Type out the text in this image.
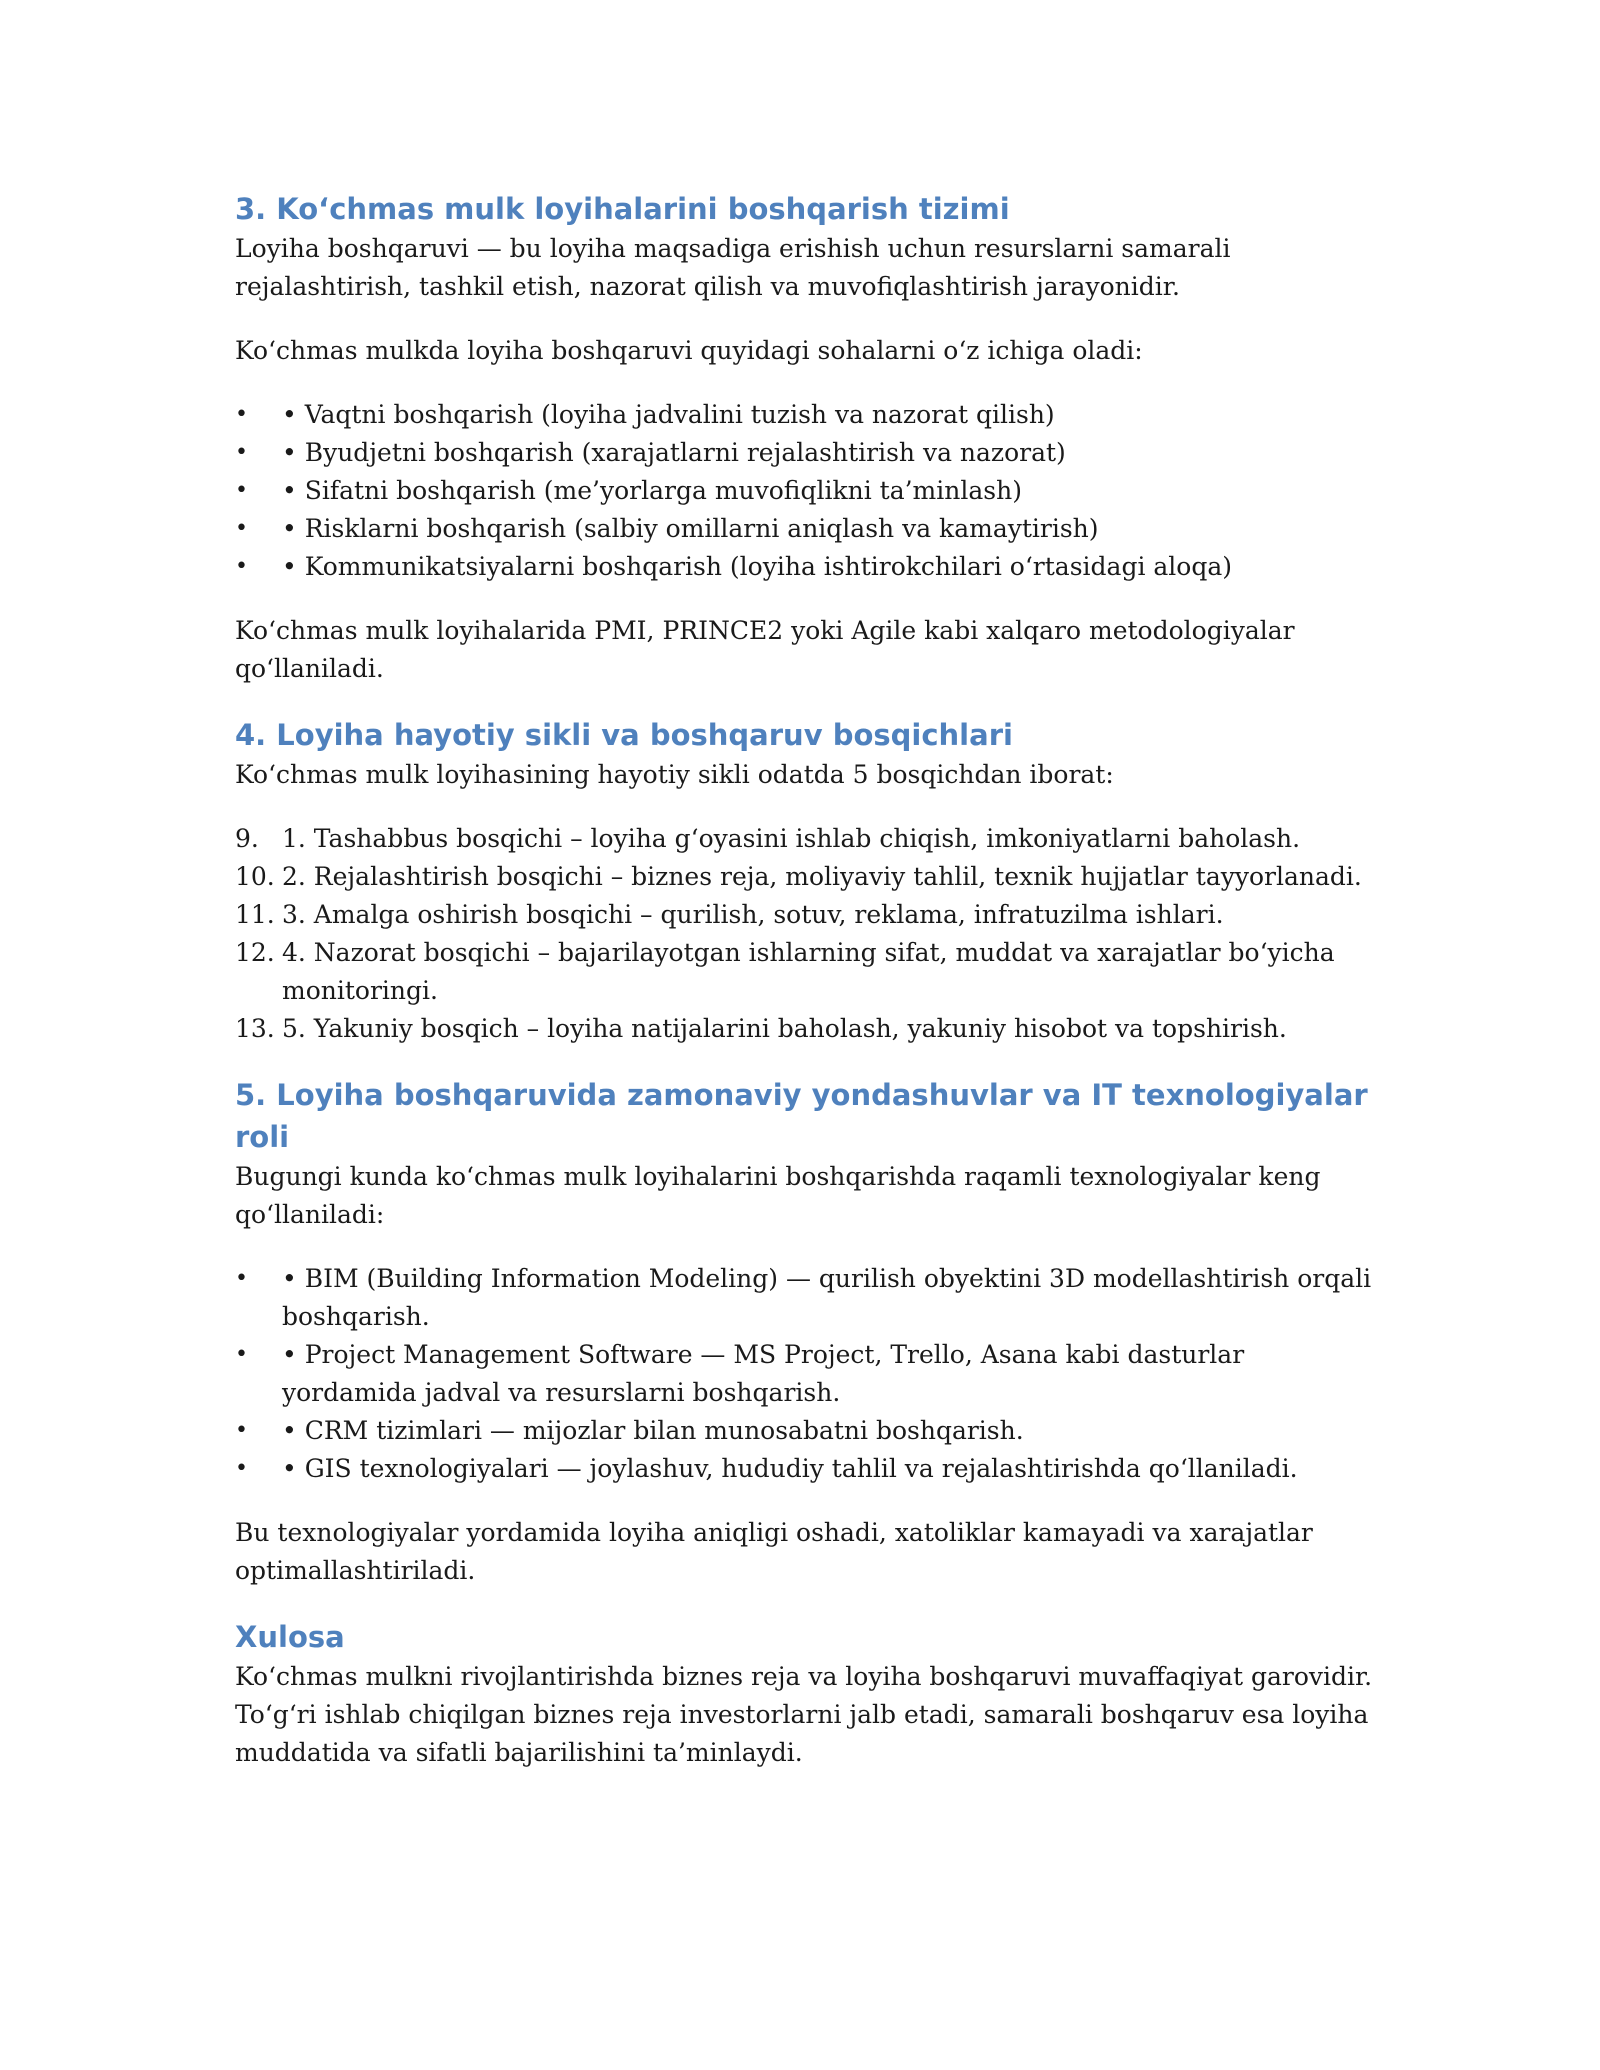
3. Ko‘chmas mulk loyihalarini boshqarish tizimi

Loyiha boshqaruvi — bu loyiha maqsadiga erishish uchun resurslarni samarali rejalashtirish, tashkil etish, nazorat qilish va muvofiqlashtirish jarayonidir.

Ko‘chmas mulkda loyiha boshqaruvi quyidagi sohalarni o‘z ichiga oladi:

• • Vaqtni boshqarish (loyiha jadvalini tuzish va nazorat qilish)
• • Byudjetni boshqarish (xarajatlarni rejalashtirish va nazorat)
• • Sifatni boshqarish (me’yorlarga muvofiqlikni ta’minlash)
• • Risklarni boshqarish (salbiy omillarni aniqlash va kamaytirish)
• • Kommunikatsiyalarni boshqarish (loyiha ishtirokchilari o‘rtasidagi aloqa)

Ko‘chmas mulk loyihalarida PMI, PRINCE2 yoki Agile kabi xalqaro metodologiyalar qo‘llaniladi.

4. Loyiha hayotiy sikli va boshqaruv bosqichlari

Ko‘chmas mulk loyihasining hayotiy sikli odatda 5 bosqichdan iborat:

9. 1. Tashabbus bosqichi – loyiha g‘oyasini ishlab chiqish, imkoniyatlarni baholash.
10. 2. Rejalashtirish bosqichi – biznes reja, moliyaviy tahlil, texnik hujjatlar tayyorlanadi.
11. 3. Amalga oshirish bosqichi – qurilish, sotuv, reklama, infratuzilma ishlari.
12. 4. Nazorat bosqichi – bajarilayotgan ishlarning sifat, muddat va xarajatlar bo‘yicha monitoringi.
13. 5. Yakuniy bosqich – loyiha natijalarini baholash, yakuniy hisobot va topshirish.
5. Loyiha boshqaruvida zamonaviy yondashuvlar va IT texnologiyalar roli

Bugungi kunda ko‘chmas mulk loyihalarini boshqarishda raqamli texnologiyalar keng qo‘llaniladi:

• • BIM (Building Information Modeling) — qurilish obyektini 3D modellashtirish orqali boshqarish.
• • Project Management Software — MS Project, Trello, Asana kabi dasturlar yordamida jadval va resurslarni boshqarish.
• • CRM tizimlari — mijozlar bilan munosabatni boshqarish.
• • GIS texnologiyalari — joylashuv, hududiy tahlil va rejalashtirishda qo‘llaniladi.

Bu texnologiyalar yordamida loyiha aniqligi oshadi, xatoliklar kamayadi va xarajatlar optimallashtiriladi.

Xulosa

Ko‘chmas mulkni rivojlantirishda biznes reja va loyiha boshqaruvi muvaffaqiyat garovidir. To‘g‘ri ishlab chiqilgan biznes reja investorlarni jalb etadi, samarali boshqaruv esa loyiha muddatida va sifatli bajarilishini ta’minlaydi.
